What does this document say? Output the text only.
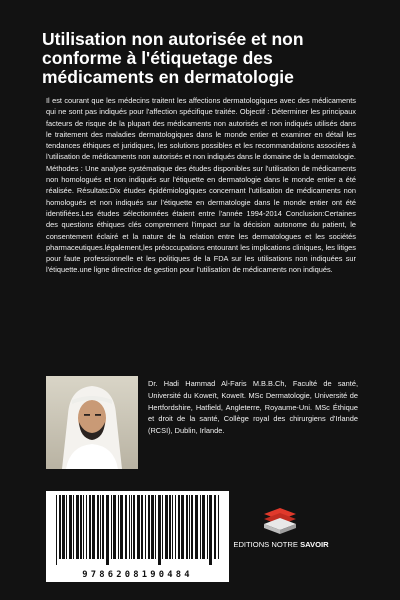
Utilisation non autorisée et non conforme à l'étiquetage des médicaments en dermatologie

Il est courant que les médecins traitent les affections dermatologiques avec des médicaments qui ne sont pas indiqués pour l'affection spécifique traitée. Objectif : Déterminer les principaux facteurs de risque de la plupart des médicaments non autorisés et non indiqués utilisés dans le traitement des maladies dermatologiques dans le monde entier et examiner en détail les tendances éthiques et juridiques, les solutions possibles et les recommandations associées à l'utilisation de médicaments non autorisés et non indiqués dans le domaine de la dermatologie. Méthodes : Une analyse systématique des études disponibles sur l'utilisation de médicaments non homologués et non indiqués sur l'étiquette en dermatologie dans le monde entier a été réalisée. Résultats:Dix études épidémiologiques concernant l'utilisation de médicaments non homologués et non indiqués sur l'étiquette en dermatologie dans le monde entier ont été identifiées.Les études sélectionnées étaient entre l'année 1994-2014 Conclusion:Certaines des questions éthiques clés comprennent l'impact sur la décision autonome du patient, le consentement éclairé et la nature de la relation entre les dermatologues et les sociétés pharmaceutiques.légalement,les préoccupations entourant les implications cliniques, les litiges pour faute professionnelle et les politiques de la FDA sur les utilisations non indiquées sur l'étiquette.une ligne directrice de gestion pour l'utilisation de médicaments non indiqués.

Dr. Hadi Hammad Al-Faris M.B.B.Ch, Faculté de santé, Université du Koweït, Koweït. MSc Dermatologie, Université de Hertfordshire, Hatfield, Angleterre, Royaume-Uni. MSc Éthique et droit de la santé, Collège royal des chirurgiens d'Irlande (RCSI), Dublin, Irlande.

9786208190484
EDITIONS NOTRE SAVOIR
